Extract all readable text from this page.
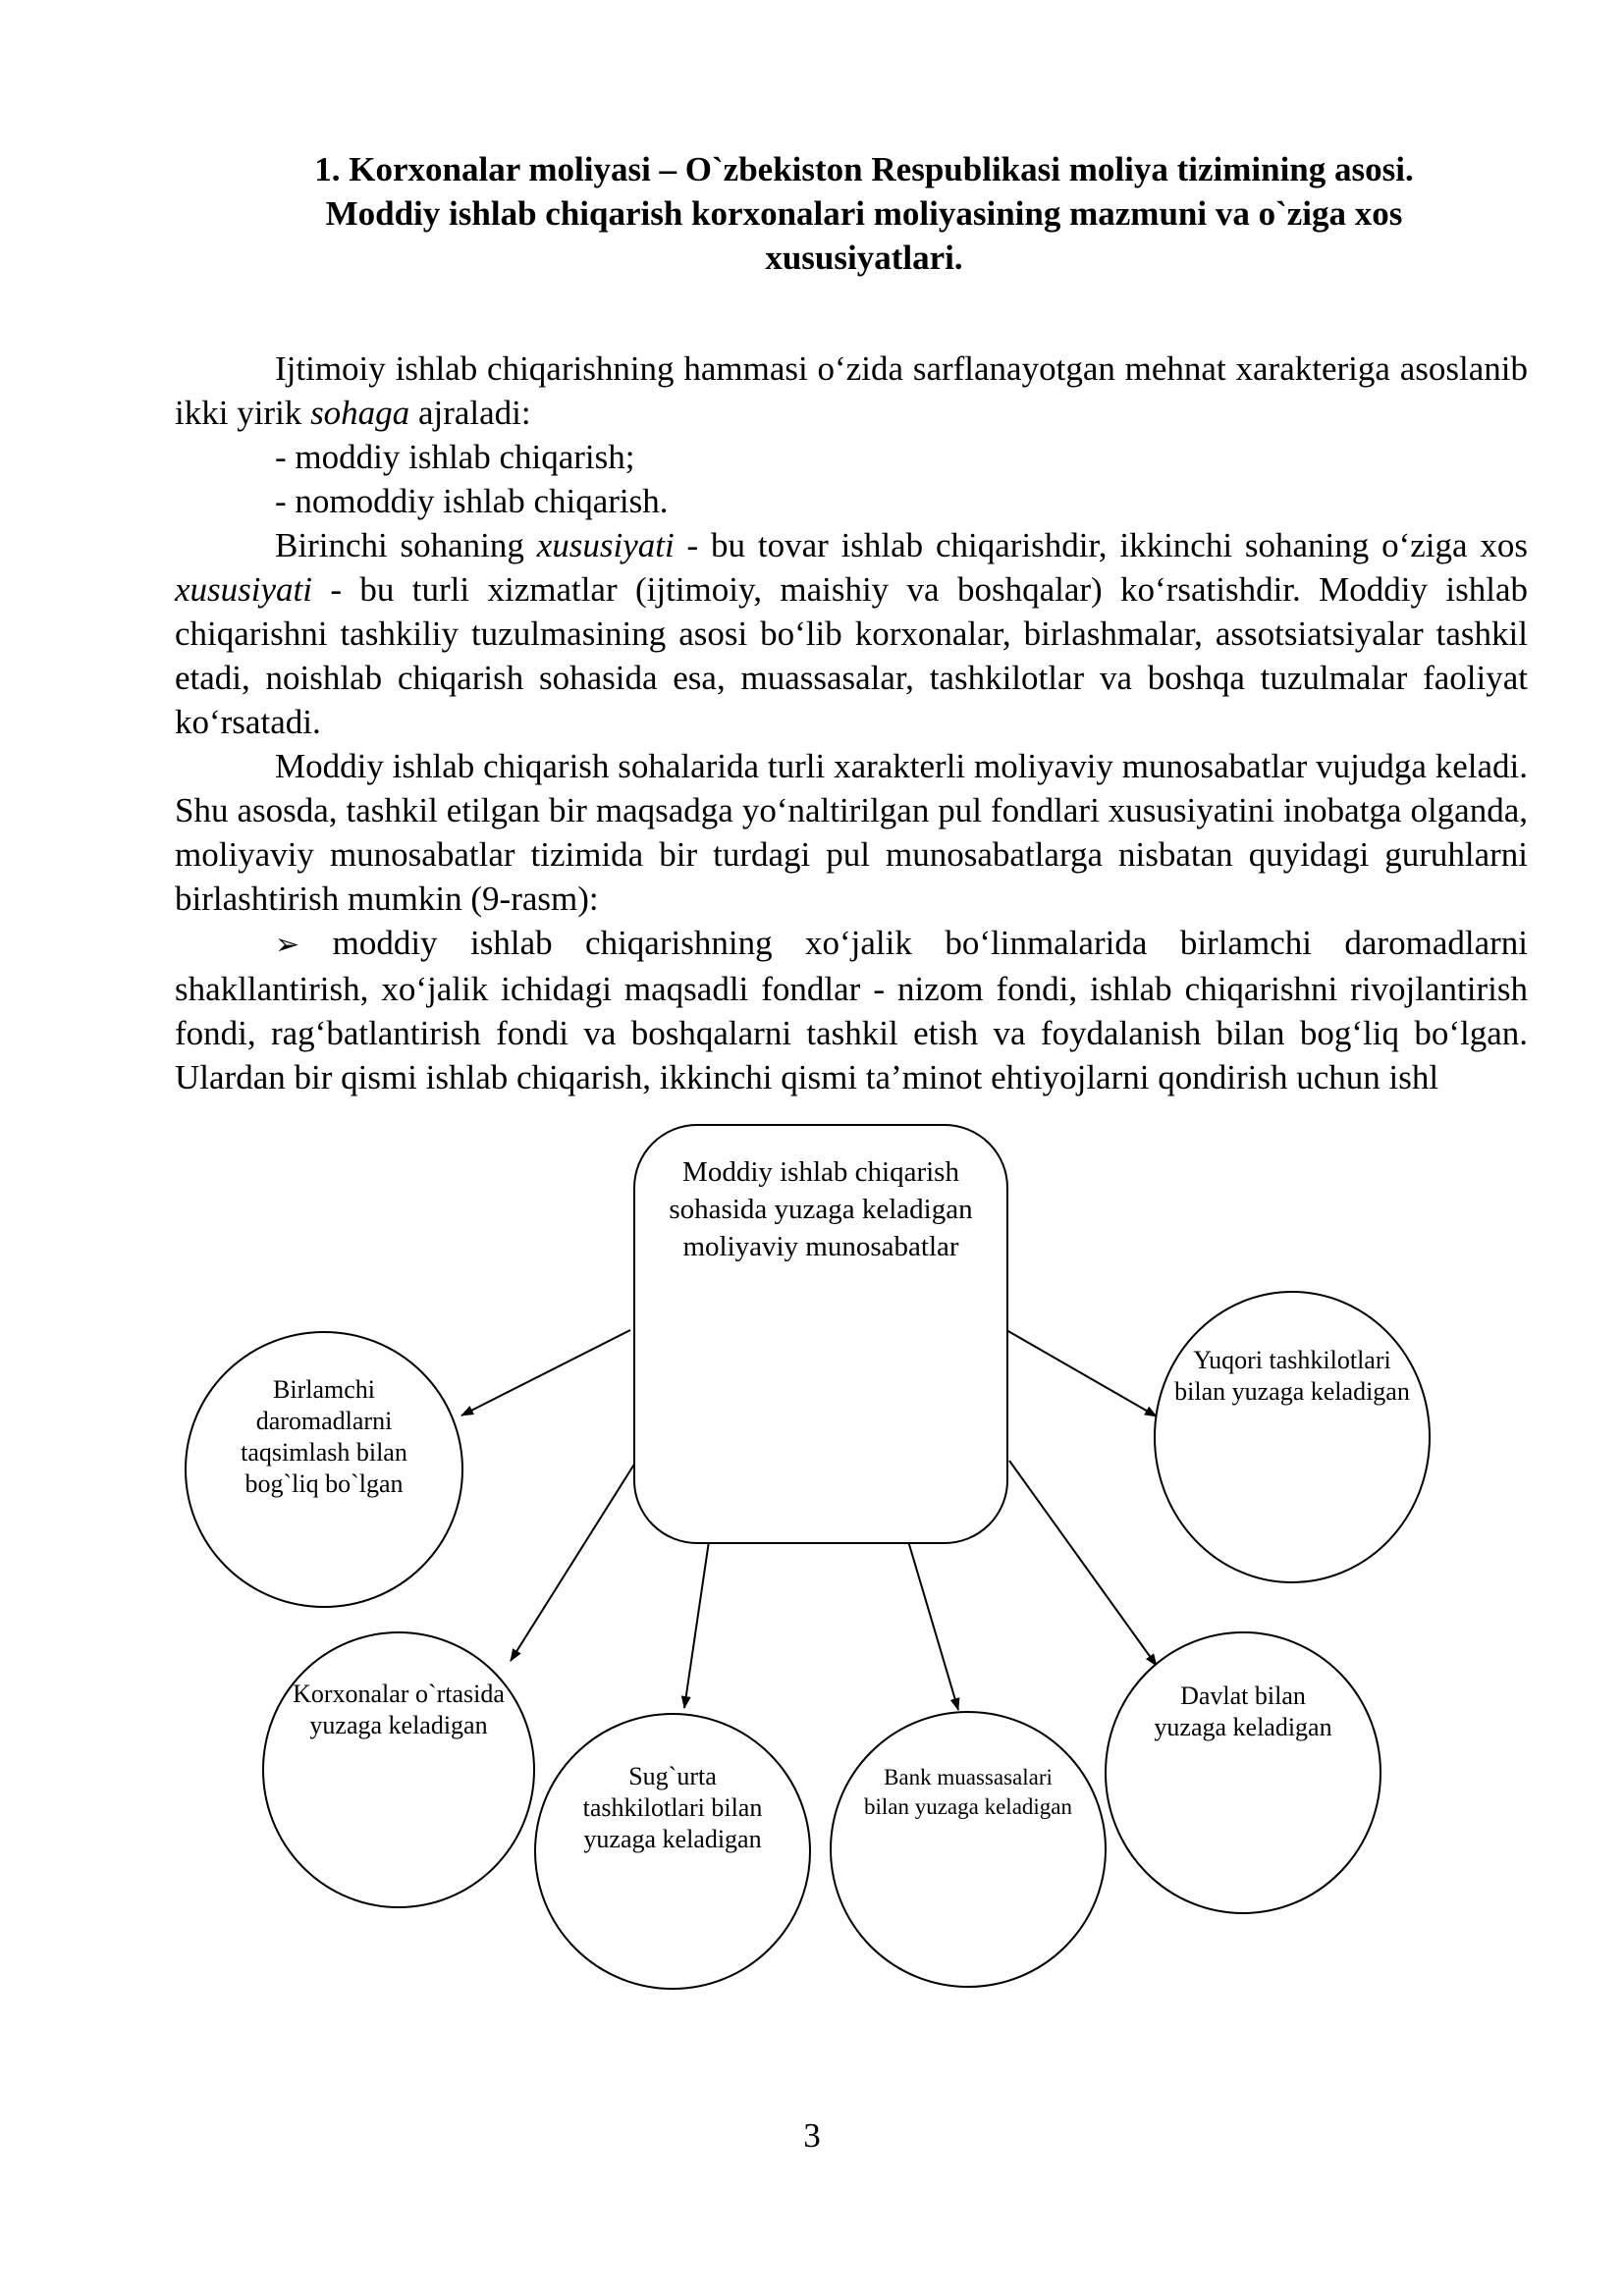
1. Korxonalar moliyasi – O`zbekiston Respublikasi moliya tizimining asosi.
Moddiy ishlab chiqarish korxonalari moliyasining mazmuni va o`ziga xos
xususiyatlari.

Ijtimoiy ishlab chiqarishning hammasi o‘zida sarflanayotgan mehnat xarakteriga asoslanib ikki yirik sohaga ajraladi:

- moddiy ishlab chiqarish;

- nomoddiy ishlab chiqarish.

Birinchi sohaning xususiyati - bu tovar ishlab chiqarishdir, ikkinchi sohaning o‘ziga xos xususiyati - bu turli xizmatlar (ijtimoiy, maishiy va boshqalar) ko‘rsatishdir. Moddiy ishlab chiqarishni tashkiliy tuzulmasining asosi bo‘lib korxonalar, birlashmalar, assotsiatsiyalar tashkil etadi, noishlab chiqarish sohasida esa, muassasalar, tashkilotlar va boshqa tuzulmalar faoliyat ko‘rsatadi.

Moddiy ishlab chiqarish sohalarida turli xarakterli moliyaviy munosabatlar vujudga keladi. Shu asosda, tashkil etilgan bir maqsadga yo‘naltirilgan pul fondlari xususiyatini inobatga olganda, moliyaviy munosabatlar tizimida bir turdagi pul munosabatlarga nisbatan quyidagi guruhlarni birlashtirish mumkin (9-rasm):

➢ moddiy ishlab chiqarishning xo‘jalik bo‘linmalarida birlamchi daromadlarni shakllantirish, xo‘jalik ichidagi maqsadli fondlar - nizom fondi, ishlab chiqarishni rivojlantirish fondi, rag‘batlantirish fondi va boshqalarni tashkil etish va foydalanish bilan bog‘liq bo‘lgan. Ulardan bir qismi ishlab chiqarish, ikkinchi qismi ta’minot ehtiyojlarni qondirish uchun ishl

Moddiy ishlab chiqarish sohasida yuzaga keladigan moliyaviy munosabatlar
Birlamchi daromadlarni taqsimlash bilan bog`liq bo`lgan
Yuqori tashkilotlari bilan yuzaga keladigan
Korxonalar o`rtasida yuzaga keladigan
Sug`urta tashkilotlari bilan yuzaga keladigan
Bank muassasalari bilan yuzaga keladigan
Davlat bilan yuzaga keladigan
3
